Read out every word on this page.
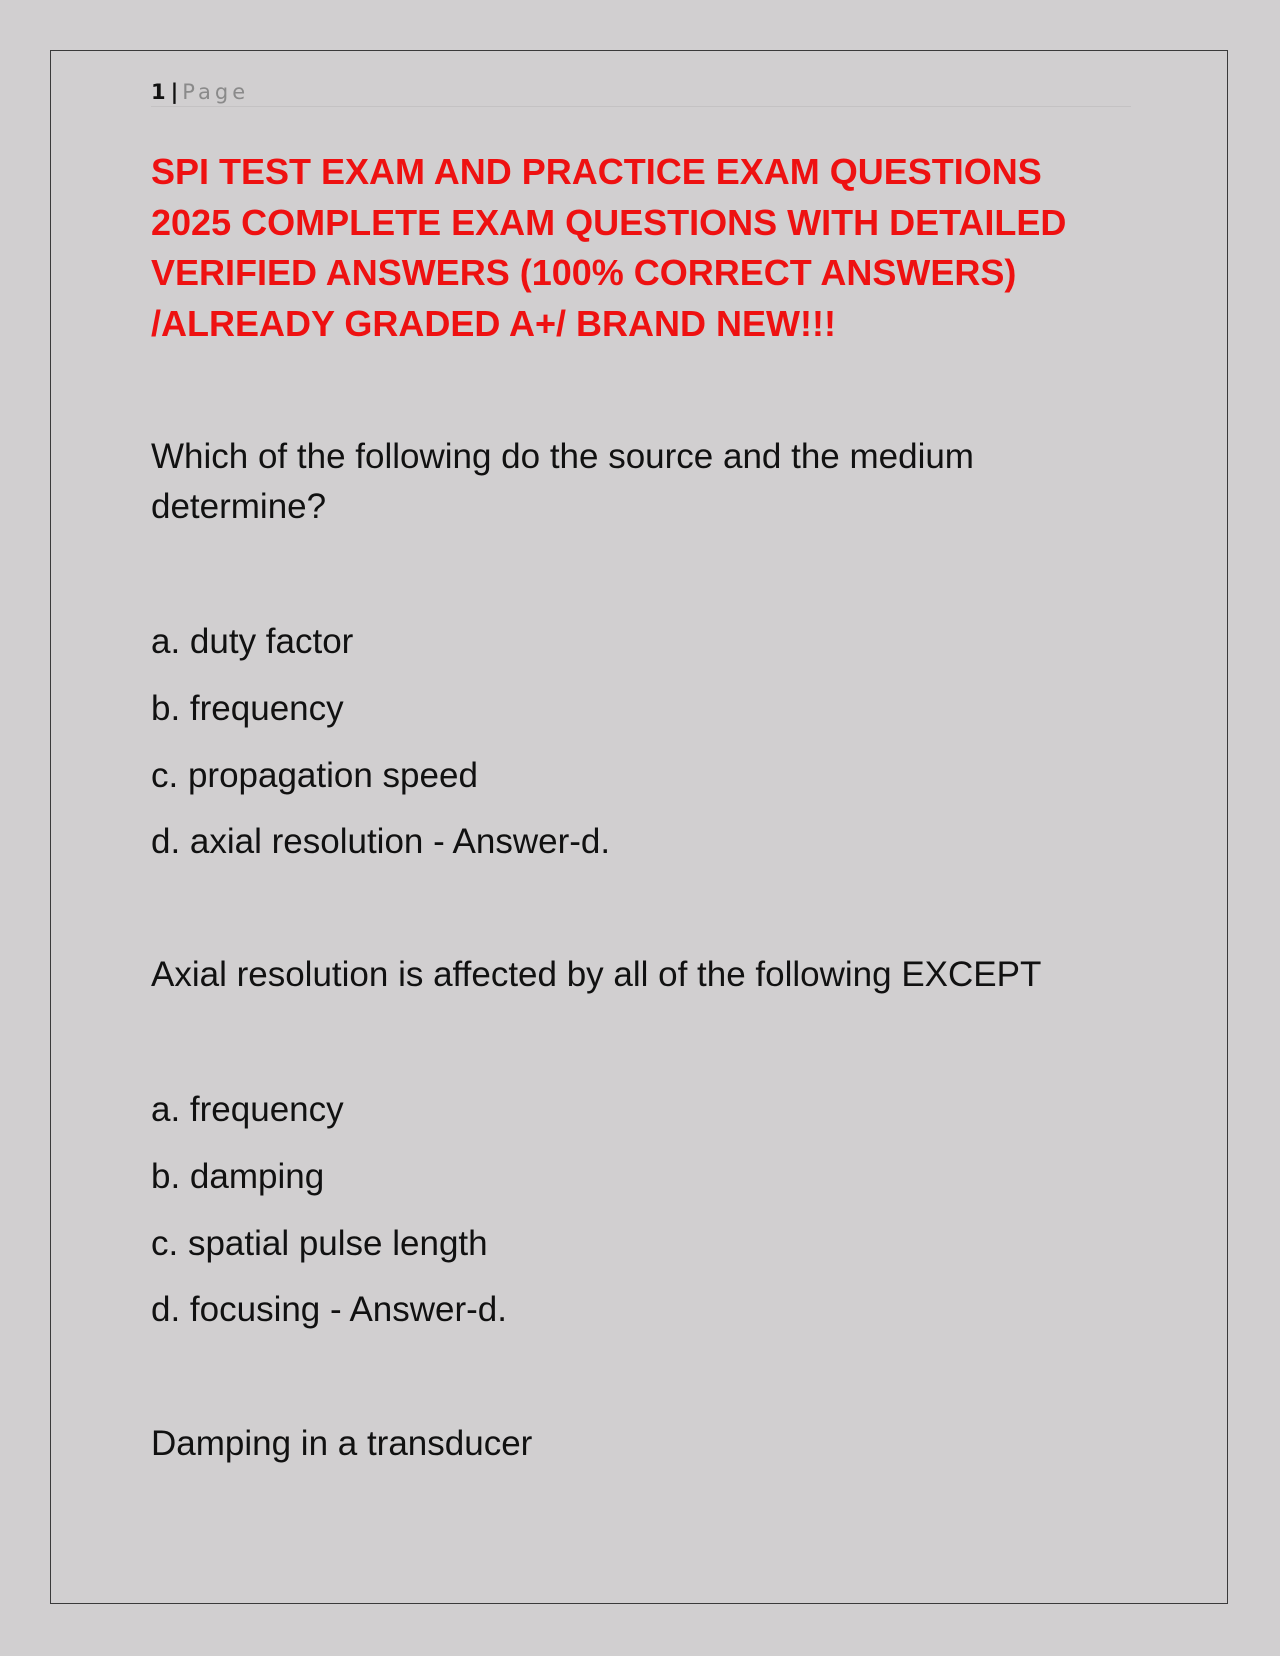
1 | Page
SPI TEST EXAM AND PRACTICE EXAM QUESTIONS
2025 COMPLETE EXAM QUESTIONS WITH DETAILED
VERIFIED ANSWERS (100% CORRECT ANSWERS)
/ALREADY GRADED A+/ BRAND NEW!!!

Which of the following do the source and the medium
determine?

a. duty factor

b. frequency

c. propagation speed

d. axial resolution - Answer-d.

Axial resolution is affected by all of the following EXCEPT

a. frequency

b. damping

c. spatial pulse length

d. focusing - Answer-d.

Damping in a transducer
